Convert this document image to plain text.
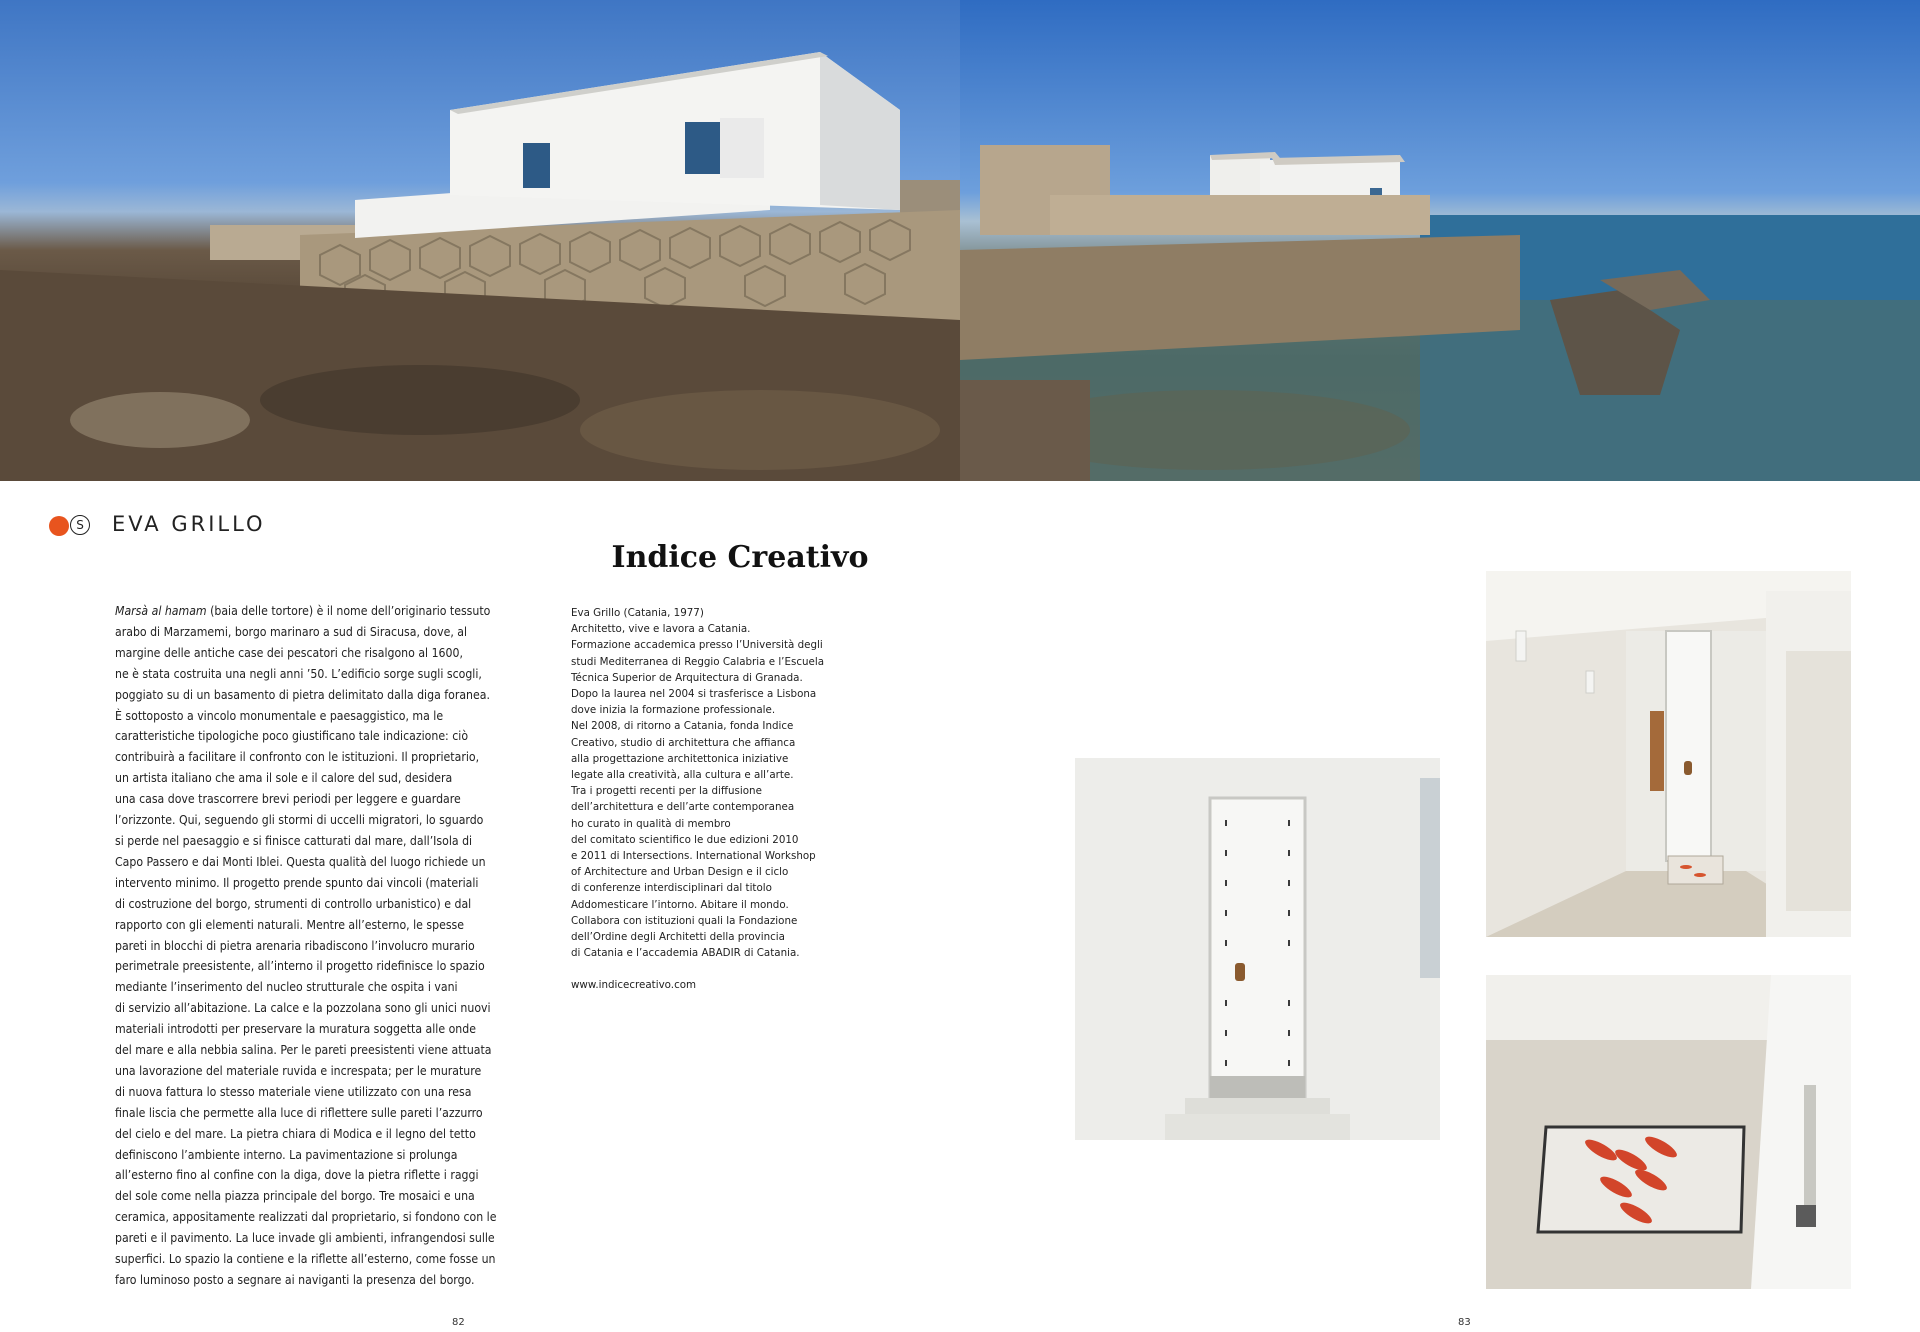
S EVA GRILLO
Indice Creativo
Marsà al hamam (baia delle tortore) è il nome dell’originario tessuto
arabo di Marzamemi, borgo marinaro a sud di Siracusa, dove, al
margine delle antiche case dei pescatori che risalgono al 1600,
ne è stata costruita una negli anni ’50. L’edificio sorge sugli scogli,
poggiato su di un basamento di pietra delimitato dalla diga foranea.
È sottoposto a vincolo monumentale e paesaggistico, ma le
caratteristiche tipologiche poco giustificano tale indicazione: ciò
contribuirà a facilitare il confronto con le istituzioni. Il proprietario,
un artista italiano che ama il sole e il calore del sud, desidera
una casa dove trascorrere brevi periodi per leggere e guardare
l’orizzonte. Qui, seguendo gli stormi di uccelli migratori, lo sguardo
si perde nel paesaggio e si finisce catturati dal mare, dall’Isola di
Capo Passero e dai Monti Iblei. Questa qualità del luogo richiede un
intervento minimo. Il progetto prende spunto dai vincoli (materiali
di costruzione del borgo, strumenti di controllo urbanistico) e dal
rapporto con gli elementi naturali. Mentre all’esterno, le spesse
pareti in blocchi di pietra arenaria ribadiscono l’involucro murario
perimetrale preesistente, all’interno il progetto ridefinisce lo spazio
mediante l’inserimento del nucleo strutturale che ospita i vani
di servizio all’abitazione. La calce e la pozzolana sono gli unici nuovi
materiali introdotti per preservare la muratura soggetta alle onde
del mare e alla nebbia salina. Per le pareti preesistenti viene attuata
una lavorazione del materiale ruvida e increspata; per le murature
di nuova fattura lo stesso materiale viene utilizzato con una resa
finale liscia che permette alla luce di riflettere sulle pareti l’azzurro
del cielo e del mare. La pietra chiara di Modica e il legno del tetto
definiscono l’ambiente interno. La pavimentazione si prolunga
all’esterno fino al confine con la diga, dove la pietra riflette i raggi
del sole come nella piazza principale del borgo. Tre mosaici e una
ceramica, appositamente realizzati dal proprietario, si fondono con le
pareti e il pavimento. La luce invade gli ambienti, infrangendosi sulle
superfici. Lo spazio la contiene e la riflette all’esterno, come fosse un
faro luminoso posto a segnare ai naviganti la presenza del borgo.
Eva Grillo (Catania, 1977)
Architetto, vive e lavora a Catania.
Formazione accademica presso l’Università degli
studi Mediterranea di Reggio Calabria e l’Escuela
Técnica Superior de Arquitectura di Granada.
Dopo la laurea nel 2004 si trasferisce a Lisbona
dove inizia la formazione professionale.
Nel 2008, di ritorno a Catania, fonda Indice
Creativo, studio di architettura che affianca
alla progettazione architettonica iniziative
legate alla creatività, alla cultura e all’arte.
Tra i progetti recenti per la diffusione
dell’architettura e dell’arte contemporanea
ho curato in qualità di membro
del comitato scientifico le due edizioni 2010
e 2011 di Intersections. International Workshop
of Architecture and Urban Design e il ciclo
di conferenze interdisciplinari dal titolo
Addomesticare l’intorno. Abitare il mondo.
Collabora con istituzioni quali la Fondazione
dell’Ordine degli Architetti della provincia
di Catania e l’accademia ABADIR di Catania.
www.indicecreativo.com
82	83
